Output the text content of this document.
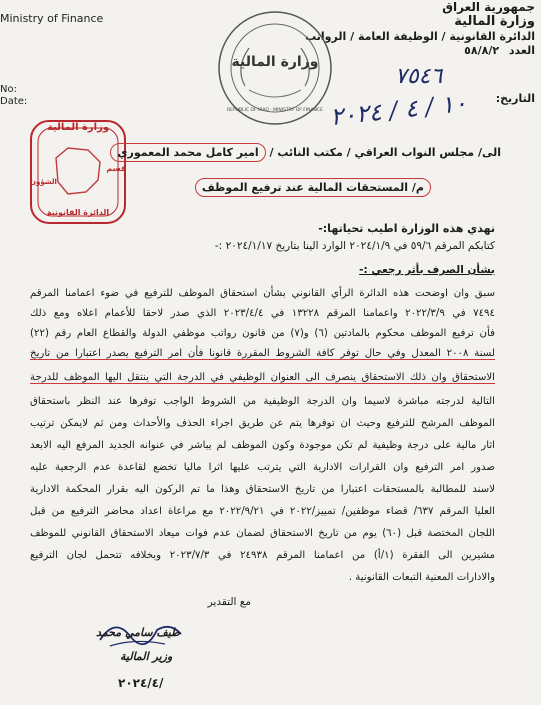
جمهورية العراق
وزارة المالية
الدائرة القانونية / الوظيفة العامة / الرواتب
العدد ٥٨/٨/٢
التاريخ:
Ministry of Finance
No:
Date:
وزارة المالية
REPUBLIC OF IRAQ · MINISTRY OF FINANCE
٧٥٤٦
١٠ / ٤ / ٢٠٢٤
وزارة المالية
قسم
الشؤون
الدائرة القانونية
الى/ مجلس النواب العراقي / مكتب النائب / امير كامل محمد المعموري
م/ المستحقات المالية عند ترفيع الموظف
نهدي هذه الوزارة اطيب تحياتها:-
كتابكم المرقم ٥٩/٦ في ٢٠٢٤/١/٩ الوارد الينا بتاريخ ٢٠٢٤/١/١٧ :-
بشأن الصرف بأثر رجعي :-
سبق وان اوضحت هذه الدائرة الرأي القانوني بشأن استحقاق الموظف للترفيع في ضوء اعمامنا المرقم
٧٤٩٤ في ٢٠٢٢/٣/٩ واعمامنا المرقم ١٣٢٢٨ في ٢٠٢٣/٤/٤ الذي صدر لاحقا للأعمام اعلاه ومع ذلك
فأن ترفيع الموظف محكوم بالمادتين (٦) و(٧) من قانون رواتب موظفي الدولة والقطاع العام رقم (٢٢)
لسنة ٢٠٠٨ المعدل وفي حال توفر كافة الشروط المقررة قانونا فأن امر الترفيع يصدر اعتبارا من تاريخ
الاستحقاق وان ذلك الاستحقاق ينصرف الى العنوان الوظيفي في الدرجة التي ينتقل اليها الموظف للدرجة
التالية لدرجته مباشرة لاسيما وان الدرجة الوظيفية من الشروط الواجب توفرها عند النظر باستحقاق
الموظف المرشح للترفيع وحيث ان توفرها يتم عن طريق اجراء الحذف والأحداث ومن ثم لايمكن ترتيب
اثار مالية على درجة وظيفية لم تكن موجودة وكون الموظف لم يباشر في عنوانه الجديد المرفع اليه الابعد
صدور امر الترفيع وان القرارات الادارية التي يترتب عليها اثرا ماليا تخضع لقاعدة عدم الرجعية عليه
لاسند للمطالبة بالمستحقات اعتبارا من تاريخ الاستحقاق وهذا ما تم الركون اليه بقرار المحكمة الادارية
العليا المرقم ٦٣٧/ قضاء موظفين/ تمييز/٢٠٢٢ في ٢٠٢٢/٩/٢١ مع مراعاة اعداد محاضر الترفيع من قبل
اللجان المختصة قبل (٦٠) يوم من تاريخ الاستحقاق لضمان عدم فوات ميعاد الاستحقاق القانوني للموظف
مشيرين الى الفقرة (١/أ) من اعمامنا المرقم ٢٤٩٣٨ في ٢٠٢٣/٧/٣ وبخلافه تتحمل لجان الترفيع
والادارات المعنية التبعات القانونية .
مع التقدير
طيف سامي محمد
وزير المالية
٢٠٢٤/٤/
